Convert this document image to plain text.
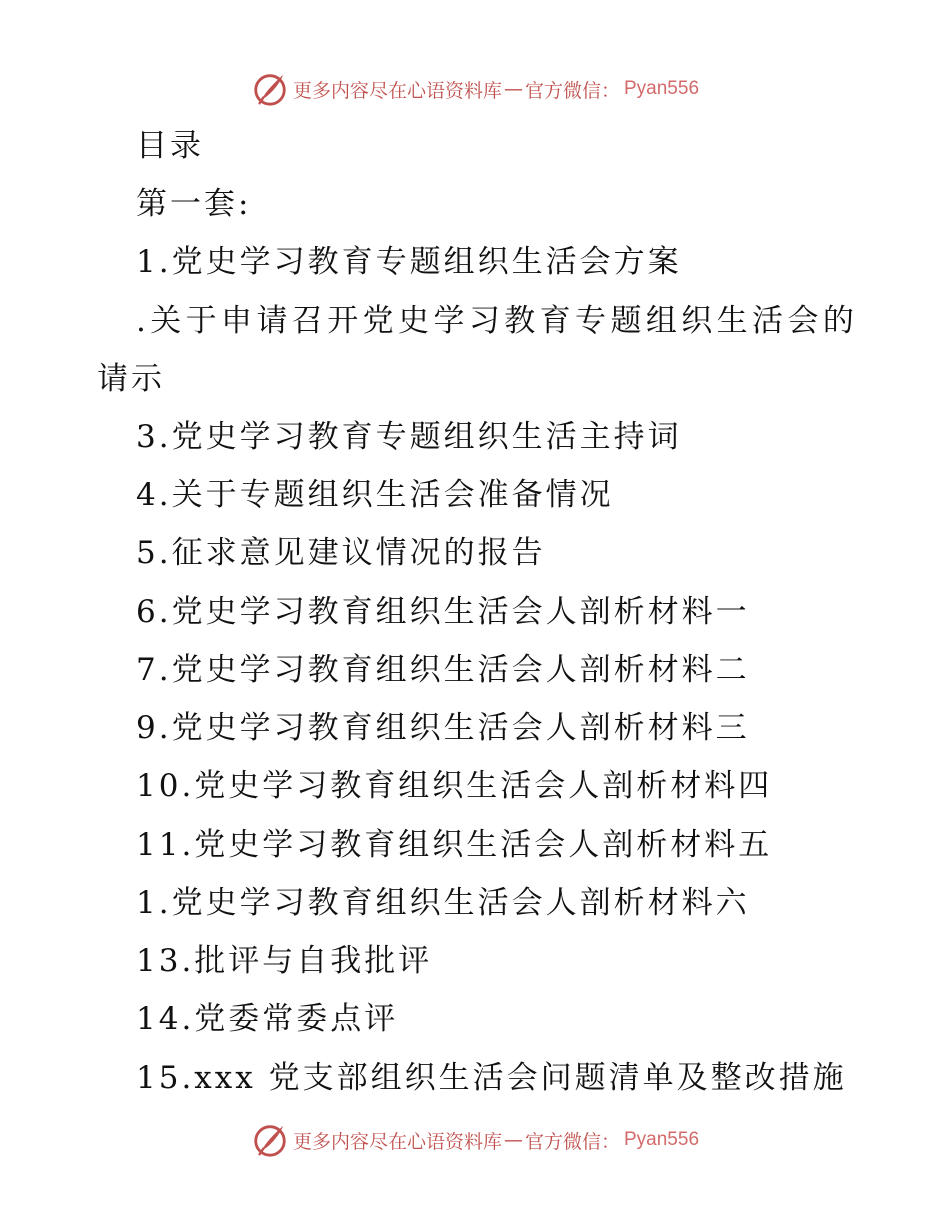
更多内容尽在心语资料库 — 官方微信： Pyan556
目录
第一套:
1.党史学习教育专题组织生活会方案
.关于申请召开党史学习教育专题组织生活会的
请示
3.党史学习教育专题组织生活主持词
4.关于专题组织生活会准备情况
5.征求意见建议情况的报告
6.党史学习教育组织生活会人剖析材料一
7.党史学习教育组织生活会人剖析材料二
9.党史学习教育组织生活会人剖析材料三
10.党史学习教育组织生活会人剖析材料四
11.党史学习教育组织生活会人剖析材料五
1.党史学习教育组织生活会人剖析材料六
13.批评与自我批评
14.党委常委点评
15.xxx 党支部组织生活会问题清单及整改措施
更多内容尽在心语资料库 — 官方微信： Pyan556
